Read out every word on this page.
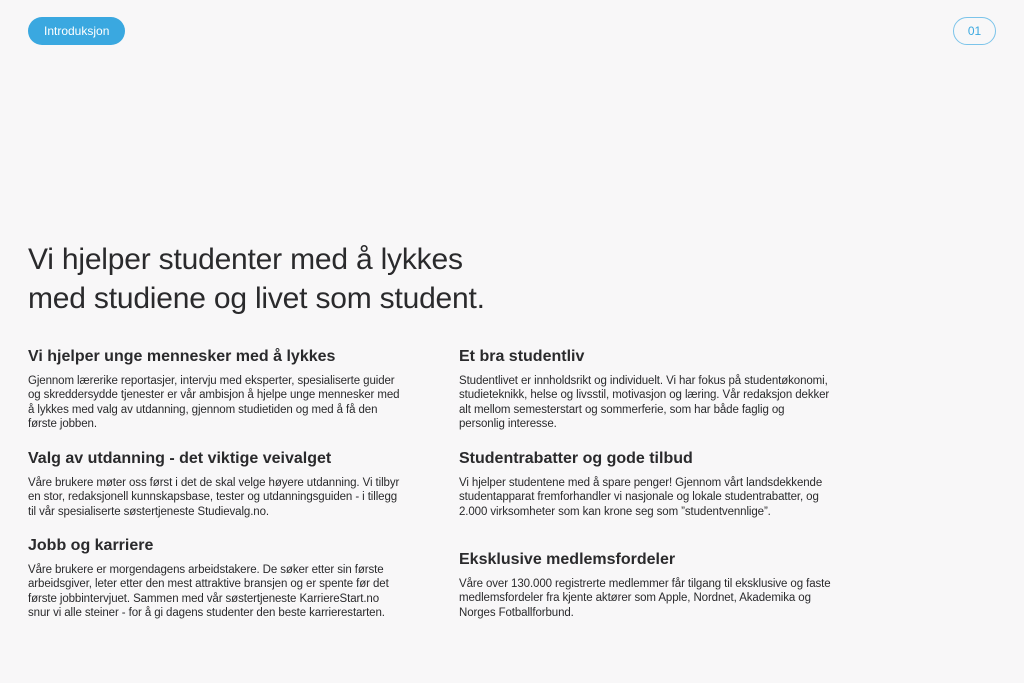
Introduksjon	01
Vi hjelper studenter med å lykkes
med studiene og livet som student.
Vi hjelper unge mennesker med å lykkes

Gjennom lærerike reportasjer, intervju med eksperter, spesialiserte guider og skreddersydde tjenester er vår ambisjon å hjelpe unge mennesker med å lykkes med valg av utdanning, gjennom studietiden og med å få den første jobben.

Valg av utdanning - det viktige veivalget

Våre brukere møter oss først i det de skal velge høyere utdanning. Vi tilbyr en stor, redaksjonell kunnskapsbase, tester og utdanningsguiden - i tillegg til vår spesialiserte søstertjeneste Studievalg.no.

Jobb og karriere

Våre brukere er morgendagens arbeidstakere. De søker etter sin første arbeidsgiver, leter etter den mest attraktive bransjen og er spente før det første jobbintervjuet. Sammen med vår søstertjeneste KarriereStart.no snur vi alle steiner - for å gi dagens studenter den beste karrierestarten.

Et bra studentliv

Studentlivet er innholdsrikt og individuelt. Vi har fokus på studentøkonomi, studieteknikk, helse og livsstil, motivasjon og læring. Vår redaksjon dekker alt mellom semesterstart og sommerferie, som har både faglig og personlig interesse.

Studentrabatter og gode tilbud

Vi hjelper studentene med å spare penger! Gjennom vårt landsdekkende studentapparat fremforhandler vi nasjonale og lokale studentrabatter, og 2.000 virksomheter som kan krone seg som ”studentvennlige”.

Eksklusive medlemsfordeler

Våre over 130.000 registrerte medlemmer får tilgang til eksklusive og faste medlemsfordeler fra kjente aktører som Apple, Nordnet, Akademika og Norges Fotballforbund.
